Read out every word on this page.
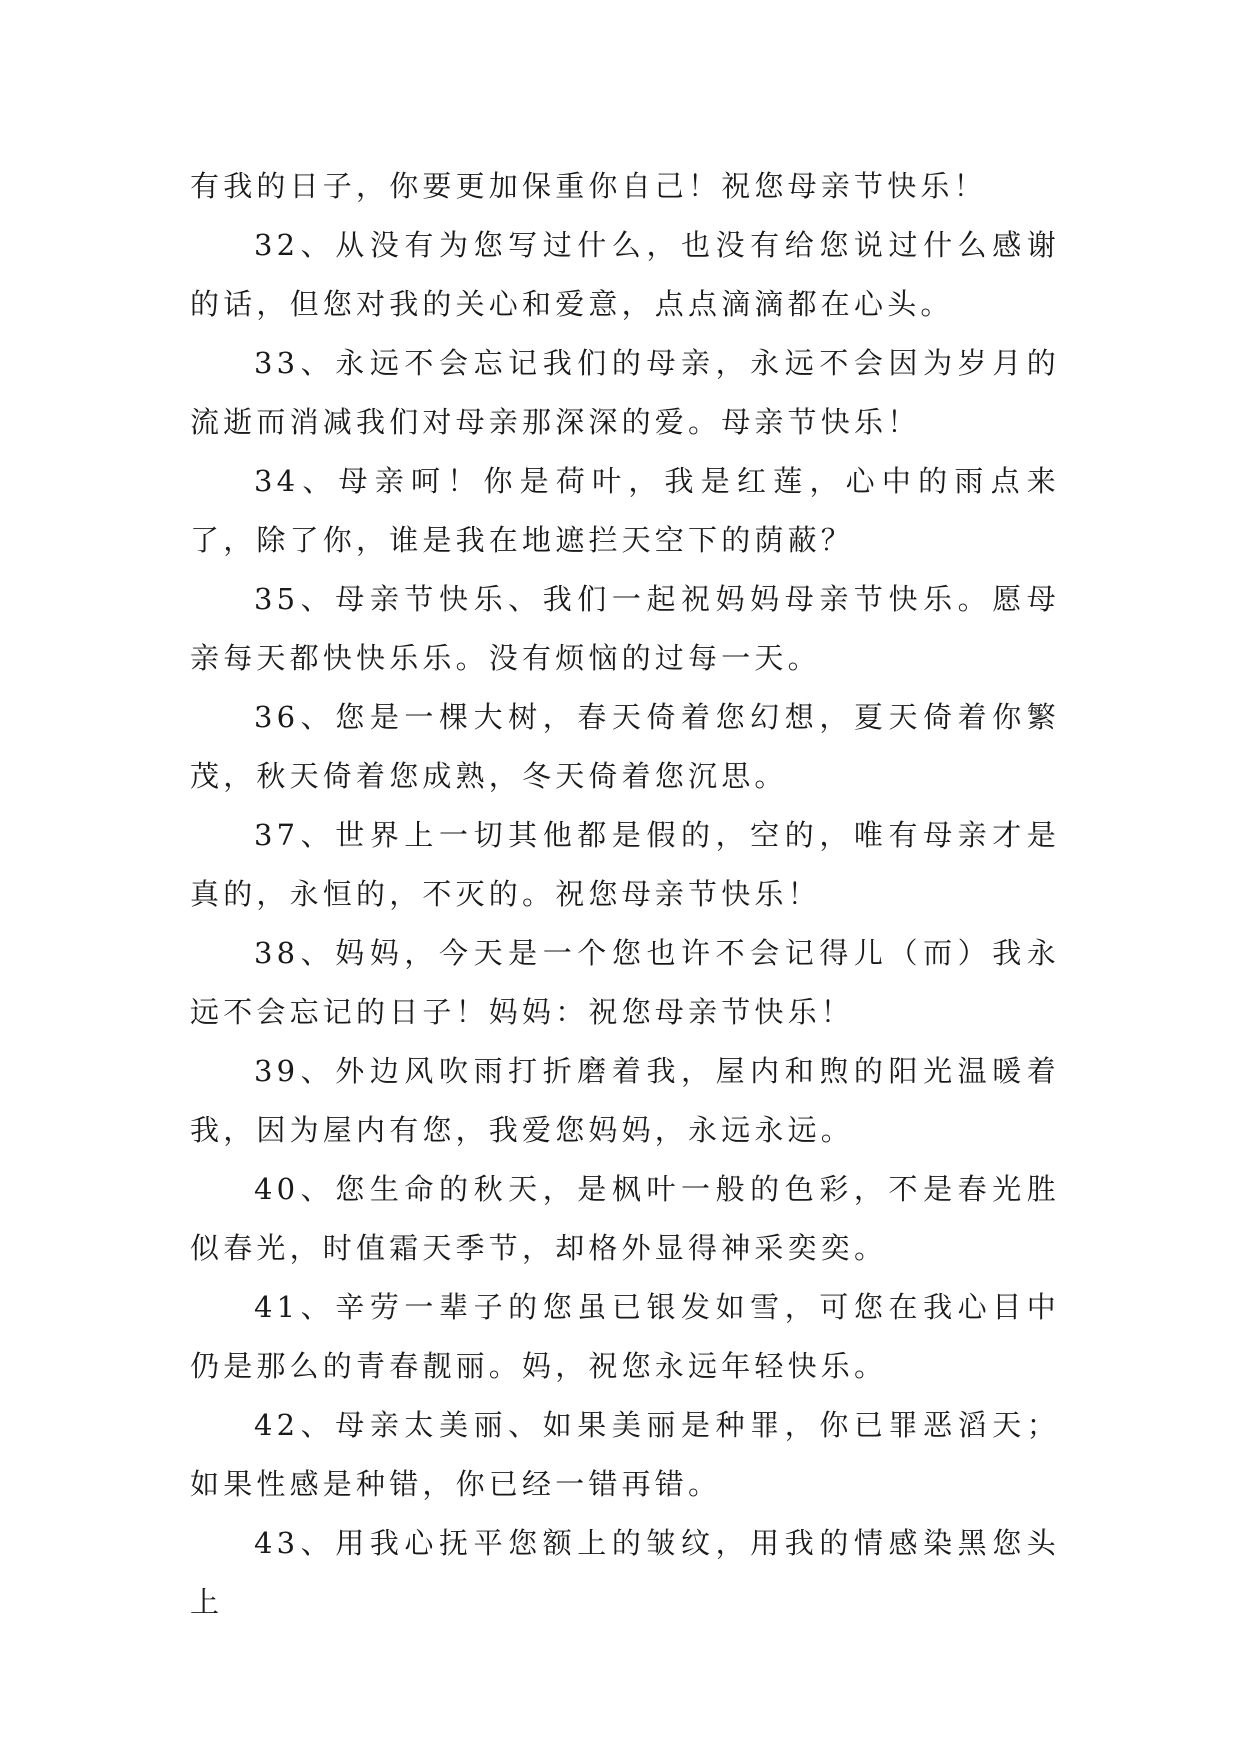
有我的日子，你要更加保重你自己！祝您母亲节快乐！

32、从没有为您写过什么，也没有给您说过什么感谢的话，但您对我的关心和爱意，点点滴滴都在心头。

33、永远不会忘记我们的母亲，永远不会因为岁月的流逝而消减我们对母亲那深深的爱。母亲节快乐！

34、母亲呵！你是荷叶，我是红莲，心中的雨点来了，除了你，谁是我在地遮拦天空下的荫蔽？

35、母亲节快乐、我们一起祝妈妈母亲节快乐。愿母亲每天都快快乐乐。没有烦恼的过每一天。

36、您是一棵大树，春天倚着您幻想，夏天倚着你繁茂，秋天倚着您成熟，冬天倚着您沉思。

37、世界上一切其他都是假的，空的，唯有母亲才是真的，永恒的，不灭的。祝您母亲节快乐！

38、妈妈，今天是一个您也许不会记得儿（而）我永远不会忘记的日子！妈妈：祝您母亲节快乐！

39、外边风吹雨打折磨着我，屋内和煦的阳光温暖着我，因为屋内有您，我爱您妈妈，永远永远。

40、您生命的秋天，是枫叶一般的色彩，不是春光胜似春光，时值霜天季节，却格外显得神采奕奕。

41、辛劳一辈子的您虽已银发如雪，可您在我心目中仍是那么的青春靓丽。妈，祝您永远年轻快乐。

42、母亲太美丽、如果美丽是种罪，你已罪恶滔天；如果性感是种错，你已经一错再错。

43、用我心抚平您额上的皱纹，用我的情感染黑您头上
